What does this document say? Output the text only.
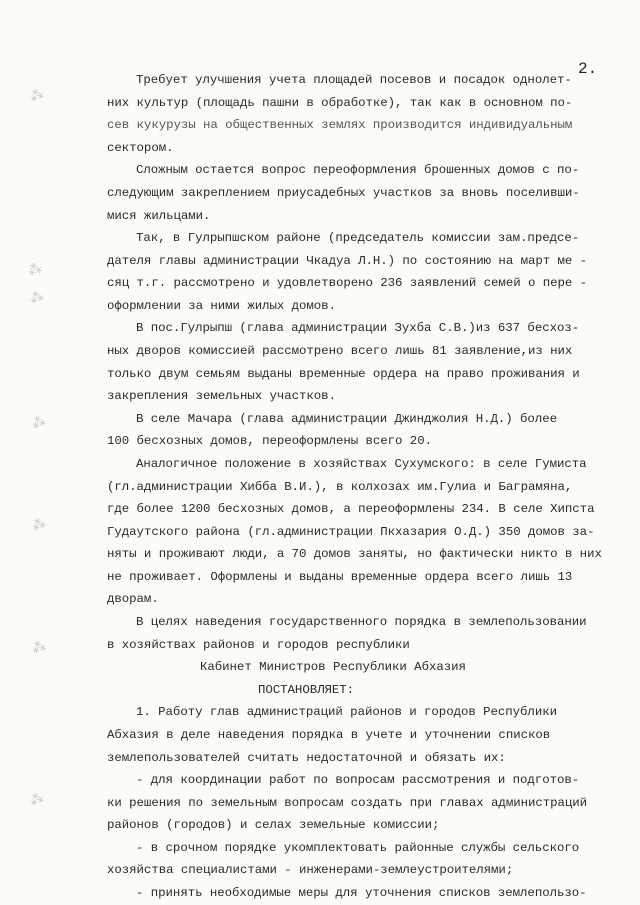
⁂
⁂
⁂
⁂
⁂
⁂
⁂
2.
Требует улучшения учета площадей посевов и посадок однолет-
них культур (площадь пашни в обработке), так как в основном по-
сев кукурузы на общественных землях производится индивидуальным
сектором.
Сложным остается вопрос переоформления брошенных домов с по-
следующим закреплением приусадебных участков за вновь поселивши-
мися жильцами.
Так, в Гулрыпшском районе (председатель комиссии зам.предсе-
дателя главы администрации Чкадуа Л.Н.) по состоянию на март ме -
сяц т.г. рассмотрено и удовлетворено 236 заявлений семей о пере -
оформлении за ними жилых домов.
В пос.Гулрыпш (глава администрации Зухба С.В.)из 637 бесхоз-
ных дворов комиссией рассмотрено всего лишь 81 заявление,из них
только двум семьям выданы временные ордера на право проживания и
закрепления земельных участков.
В селе Мачара (глава администрации Джинджолия Н.Д.) более
100 бесхозных домов, переоформлены всего 20.
Аналогичное положение в хозяйствах Сухумского: в селе Гумиста
(гл.администрации Хибба В.И.), в колхозах им.Гулиа и Баграмяна,
где более 1200 бесхозных домов, а переоформлены 234. В селе Хипста
Гудаутского района (гл.администрации Пкхазария О.Д.) 350 домов за-
няты и проживают люди, а 70 домов заняты, но фактически никто в них
не проживает. Оформлены и выданы временные ордера всего лишь 13
дворам.
В целях наведения государственного порядка в землепользовании
в хозяйствах районов и городов республики
Кабинет Министров Республики Абхазия
ПОСТАНОВЛЯЕТ:
1. Работу глав администраций районов и городов Республики
Абхазия в деле наведения порядка в учете и уточнении списков
землепользователей считать недостаточной и обязать их:
- для координации работ по вопросам рассмотрения и подготов-
ки решения по земельным вопросам создать при главах администраций
районов (городов) и селах земельные комиссии;
- в срочном порядке укомплектовать районные службы сельского
хозяйства специалистами - инженерами-землеустроителями;
- принять необходимые меры для уточнения списков землепользо-
